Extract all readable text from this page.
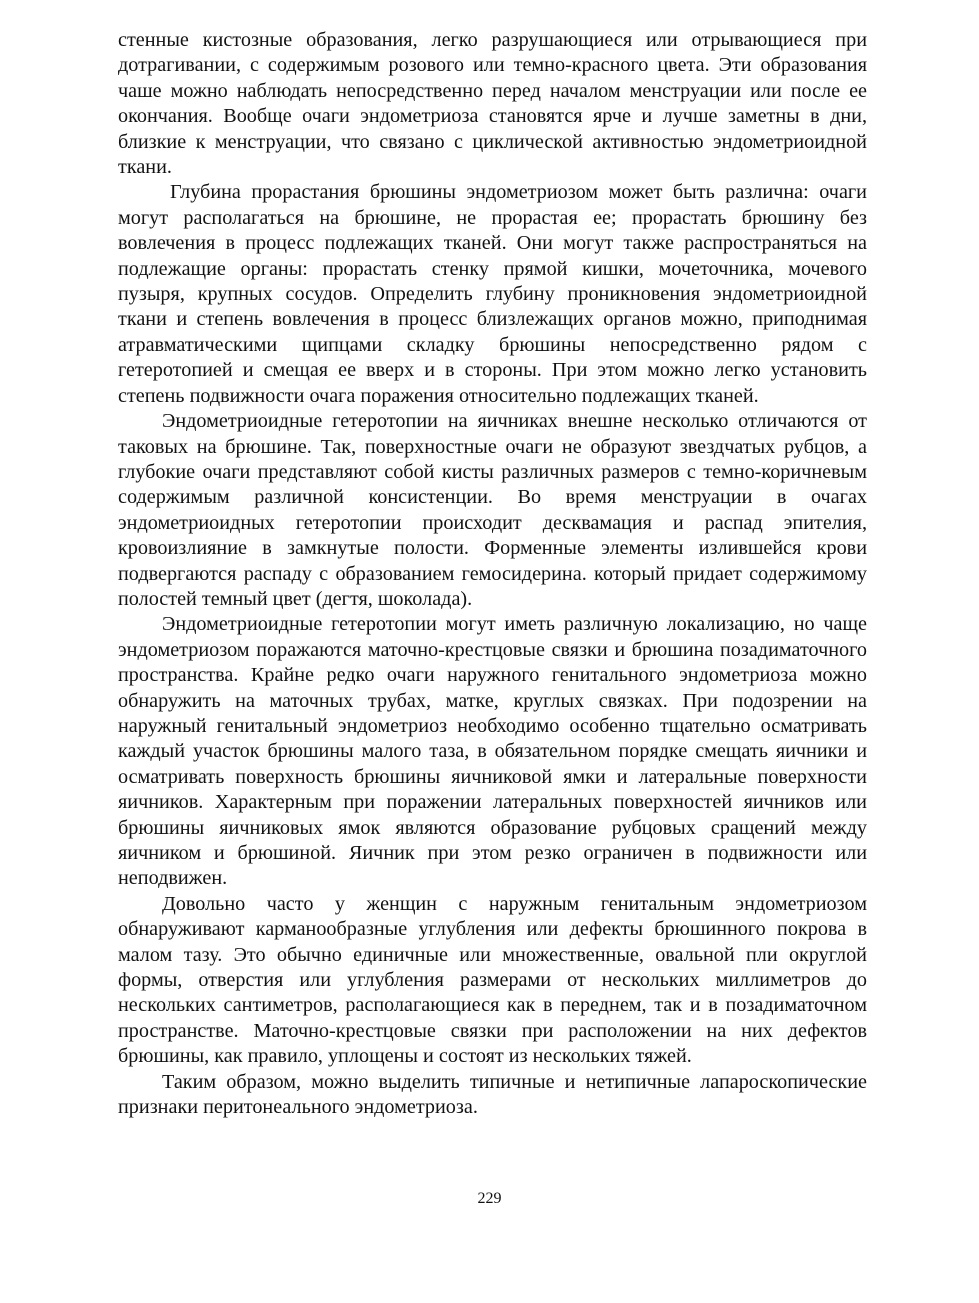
стенные кистозные образования, легко разрушающиеся или отрывающиеся при дотрагивании, с содержимым розового или темно-красного цвета. Эти образования чаше можно наблюдать непосредственно перед началом менструации или после ее окончания. Вообще очаги эндометриоза становятся ярче и лучше заметны в дни, близкие к менструации, что связано с циклической активностью эндометриоидной ткани.

Глубина прорастания брюшины эндометриозом может быть различна: очаги могут располагаться на брюшине, не прорастая ее; прорастать брюшину без вовлечения в процесс подлежащих тканей. Они могут также распространяться на подлежащие органы: прорастать стенку прямой кишки, мочеточника, мочевого пузыря, крупных сосудов. Определить глубину проникновения эндометриоидной ткани и степень вовлечения в процесс близлежащих органов можно, приподнимая атравматическими щипцами складку брюшины непосредственно рядом с гетеротопией и смещая ее вверх и в стороны. При этом можно легко установить степень подвижности очага поражения относительно подлежащих тканей.

Эндометриоидные гетеротопии на яичниках внешне несколько отличаются от таковых на брюшине. Так, поверхностные очаги не образуют звездчатых рубцов, а глубокие очаги представляют собой кисты различных размеров с темно-коричневым содержимым различной консистенции. Во время менструации в очагах эндометриоидных гетеротопии происходит десквамация и распад эпителия, кровоизлияние в замкнутые полости. Форменные элементы излившейся крови подвергаются распаду с образованием гемосидерина. который придает содержимому полостей темный цвет (дегтя, шоколада).

Эндометриоидные гетеротопии могут иметь различную локализацию, но чаще эндометриозом поражаются маточно-крестцовые связки и брюшина позадиматочного пространства. Крайне редко очаги наружного генитального эндометриоза можно обнаружить на маточных трубах, матке, круглых связках. При подозрении на наружный генитальный эндометриоз необходимо особенно тщательно осматривать каждый участок брюшины малого таза, в обязательном порядке смещать яичники и осматривать поверхность брюшины яичниковой ямки и латеральные поверхности яичников. Характерным при поражении латеральных поверхностей яичников или брюшины яичниковых ямок являются образование рубцовых сращений между яичником и брюшиной. Яичник при этом резко ограничен в подвижности или неподвижен.

Довольно часто у женщин с наружным генитальным эндометриозом обнаруживают карманообразные углубления или дефекты брюшинного покрова в малом тазу. Это обычно единичные или множественные, овальной пли округлой формы, отверстия или углубления размерами от нескольких миллиметров до нескольких сантиметров, располагающиеся как в переднем, так и в позадиматочном пространстве. Маточно-крестцовые связки при расположении на них дефектов брюшины, как правило, уплощены и состоят из нескольких тяжей.

Таким образом, можно выделить типичные и нетипичные лапароскопические признаки перитонеального эндометриоза.

229
